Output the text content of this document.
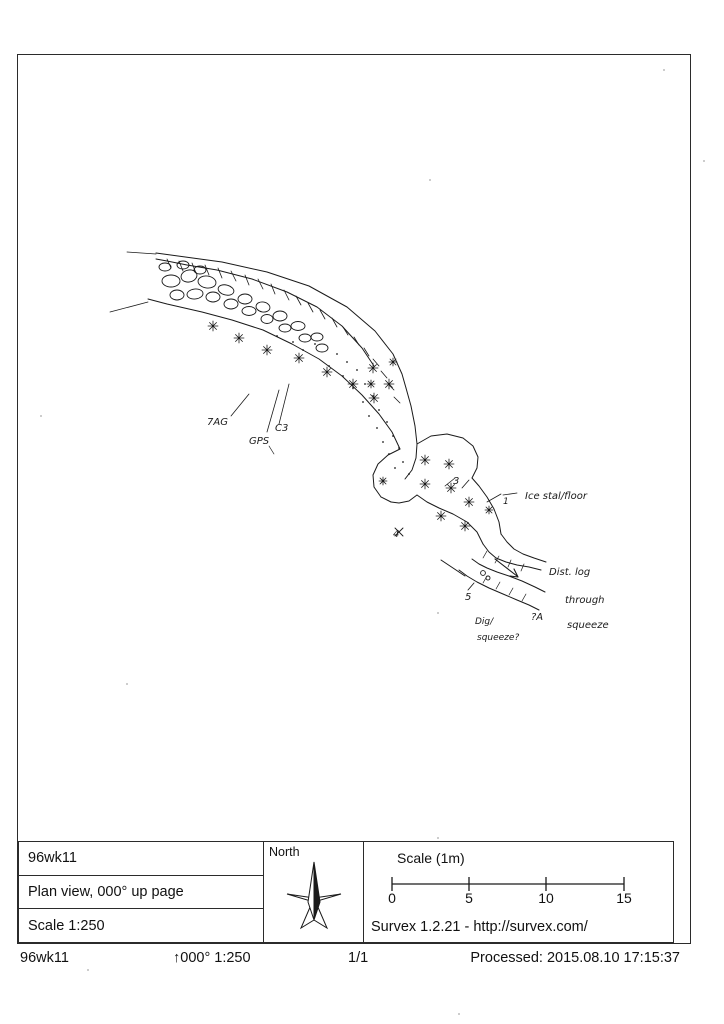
7AG
GPS
C3
3
1 Ice stal/floor
4
5
?A
Dig/
squeeze?
Dist. log
through
squeeze
96wk11
Plan view, 000° up page
Scale 1:250
North	Scale (1m)
0	5	10	15
Survex 1.2.21 - http://survex.com/
96wk11	↑000° 1:250	1/1	Processed: 2015.08.10 17:15:37
